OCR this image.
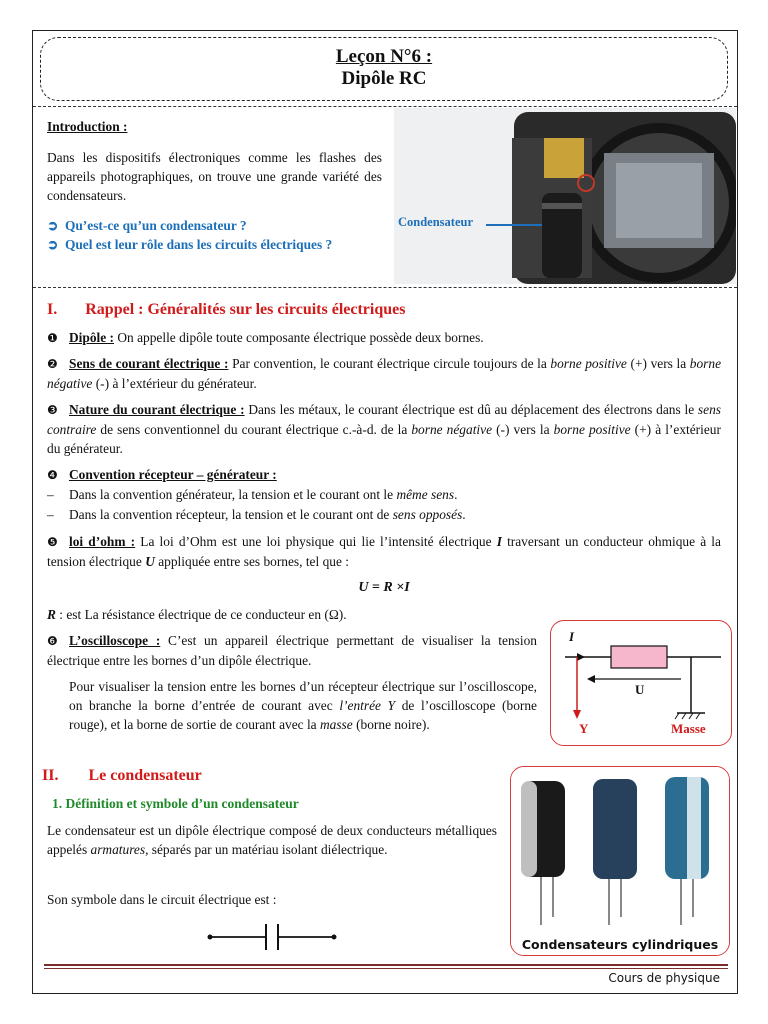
Leçon N°6 :
Dipôle RC
Introduction :
Dans les dispositifs électroniques comme les flashes des appareils photographiques, on trouve une grande variété des condensateurs.
➲ Qu’est-ce qu’un condensateur ?
➲ Quel est leur rôle dans les circuits électriques ?
Condensateur
I. Rappel : Généralités sur les circuits électriques
❶ Dipôle : On appelle dipôle toute composante électrique possède deux bornes.
❷ Sens de courant électrique : Par convention, le courant électrique circule toujours de la borne positive (+) vers la borne négative (-) à l’extérieur du générateur.
❸ Nature du courant électrique : Dans les métaux, le courant électrique est dû au déplacement des électrons dans le sens contraire de sens conventionnel du courant électrique c.-à-d. de la borne négative (-) vers la borne positive (+) à l’extérieur du générateur.
❹ Convention récepteur – générateur :
– Dans la convention générateur, la tension et le courant ont le même sens.
– Dans la convention récepteur, la tension et le courant ont de sens opposés.
❺ loi d’ohm : La loi d’Ohm est une loi physique qui lie l’intensité électrique I traversant un conducteur ohmique à la tension électrique U appliquée entre ses bornes, tel que :
U = R ×I
R : est La résistance électrique de ce conducteur en (Ω).
❻ L’oscilloscope : C’est un appareil électrique permettant de visualiser la tension électrique entre les bornes d’un dipôle électrique.
Pour visualiser la tension entre les bornes d’un récepteur électrique sur l’oscilloscope, on branche la borne d’entrée de courant avec l’entrée Y de l’oscilloscope (borne rouge), et la borne de sortie de courant avec la masse (borne noire).
I
U
Y	Masse
II. Le condensateur
1. Définition et symbole d’un condensateur
Le condensateur est un dipôle électrique composé de deux conducteurs métalliques appelés armatures, séparés par un matériau isolant diélectrique.
Son symbole dans le circuit électrique est :
Condensateurs cylindriques
Cours de physique
